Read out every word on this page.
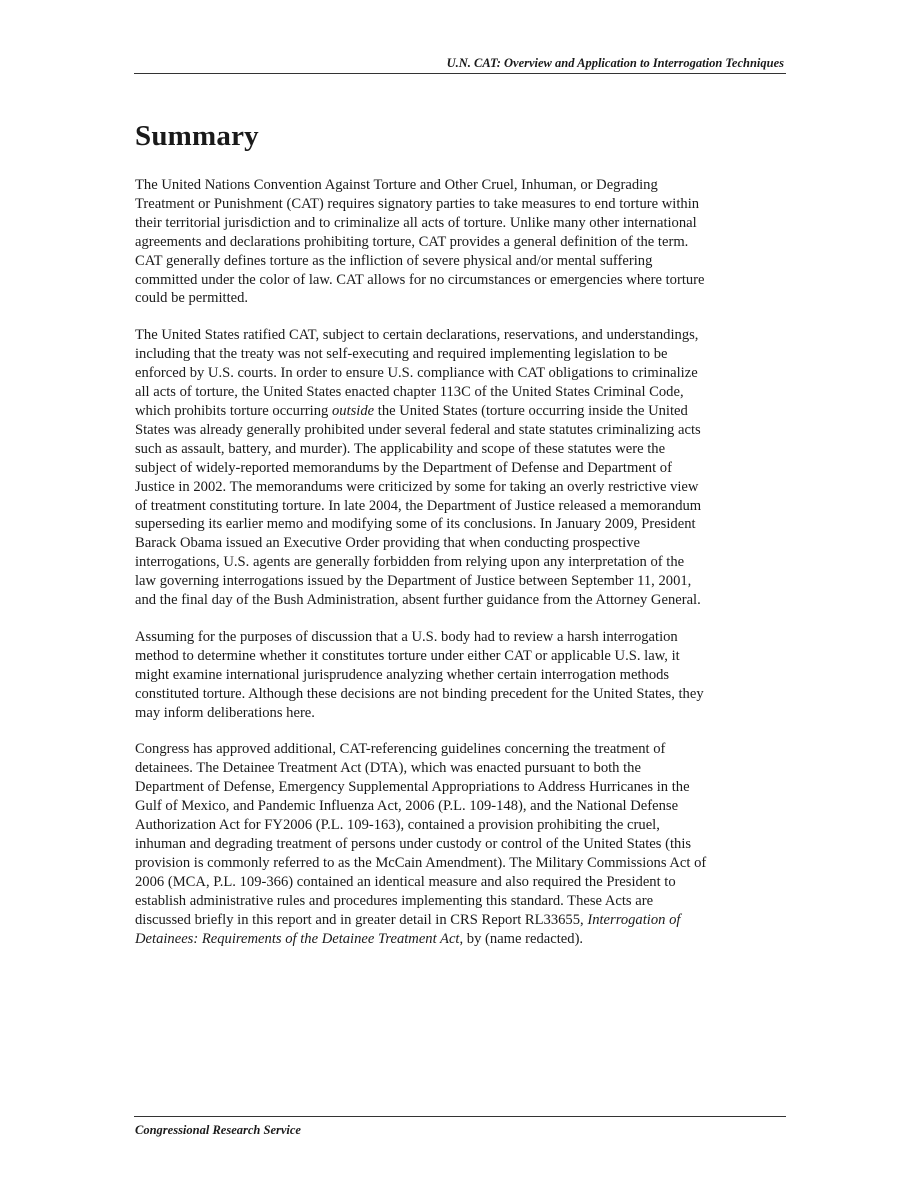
U.N. CAT: Overview and Application to Interrogation Techniques
Summary

The United Nations Convention Against Torture and Other Cruel, Inhuman, or Degrading
Treatment or Punishment (CAT) requires signatory parties to take measures to end torture within
their territorial jurisdiction and to criminalize all acts of torture. Unlike many other international
agreements and declarations prohibiting torture, CAT provides a general definition of the term.
CAT generally defines torture as the infliction of severe physical and/or mental suffering
committed under the color of law. CAT allows for no circumstances or emergencies where torture
could be permitted.

The United States ratified CAT, subject to certain declarations, reservations, and understandings,
including that the treaty was not self-executing and required implementing legislation to be
enforced by U.S. courts. In order to ensure U.S. compliance with CAT obligations to criminalize
all acts of torture, the United States enacted chapter 113C of the United States Criminal Code,
which prohibits torture occurring outside the United States (torture occurring inside the United
States was already generally prohibited under several federal and state statutes criminalizing acts
such as assault, battery, and murder). The applicability and scope of these statutes were the
subject of widely-reported memorandums by the Department of Defense and Department of
Justice in 2002. The memorandums were criticized by some for taking an overly restrictive view
of treatment constituting torture. In late 2004, the Department of Justice released a memorandum
superseding its earlier memo and modifying some of its conclusions. In January 2009, President
Barack Obama issued an Executive Order providing that when conducting prospective
interrogations, U.S. agents are generally forbidden from relying upon any interpretation of the
law governing interrogations issued by the Department of Justice between September 11, 2001,
and the final day of the Bush Administration, absent further guidance from the Attorney General.

Assuming for the purposes of discussion that a U.S. body had to review a harsh interrogation
method to determine whether it constitutes torture under either CAT or applicable U.S. law, it
might examine international jurisprudence analyzing whether certain interrogation methods
constituted torture. Although these decisions are not binding precedent for the United States, they
may inform deliberations here.

Congress has approved additional, CAT-referencing guidelines concerning the treatment of
detainees. The Detainee Treatment Act (DTA), which was enacted pursuant to both the
Department of Defense, Emergency Supplemental Appropriations to Address Hurricanes in the
Gulf of Mexico, and Pandemic Influenza Act, 2006 (P.L. 109-148), and the National Defense
Authorization Act for FY2006 (P.L. 109-163), contained a provision prohibiting the cruel,
inhuman and degrading treatment of persons under custody or control of the United States (this
provision is commonly referred to as the McCain Amendment). The Military Commissions Act of
2006 (MCA, P.L. 109-366) contained an identical measure and also required the President to
establish administrative rules and procedures implementing this standard. These Acts are
discussed briefly in this report and in greater detail in CRS Report RL33655, Interrogation of
Detainees: Requirements of the Detainee Treatment Act, by (name redacted).

Congressional Research Service
